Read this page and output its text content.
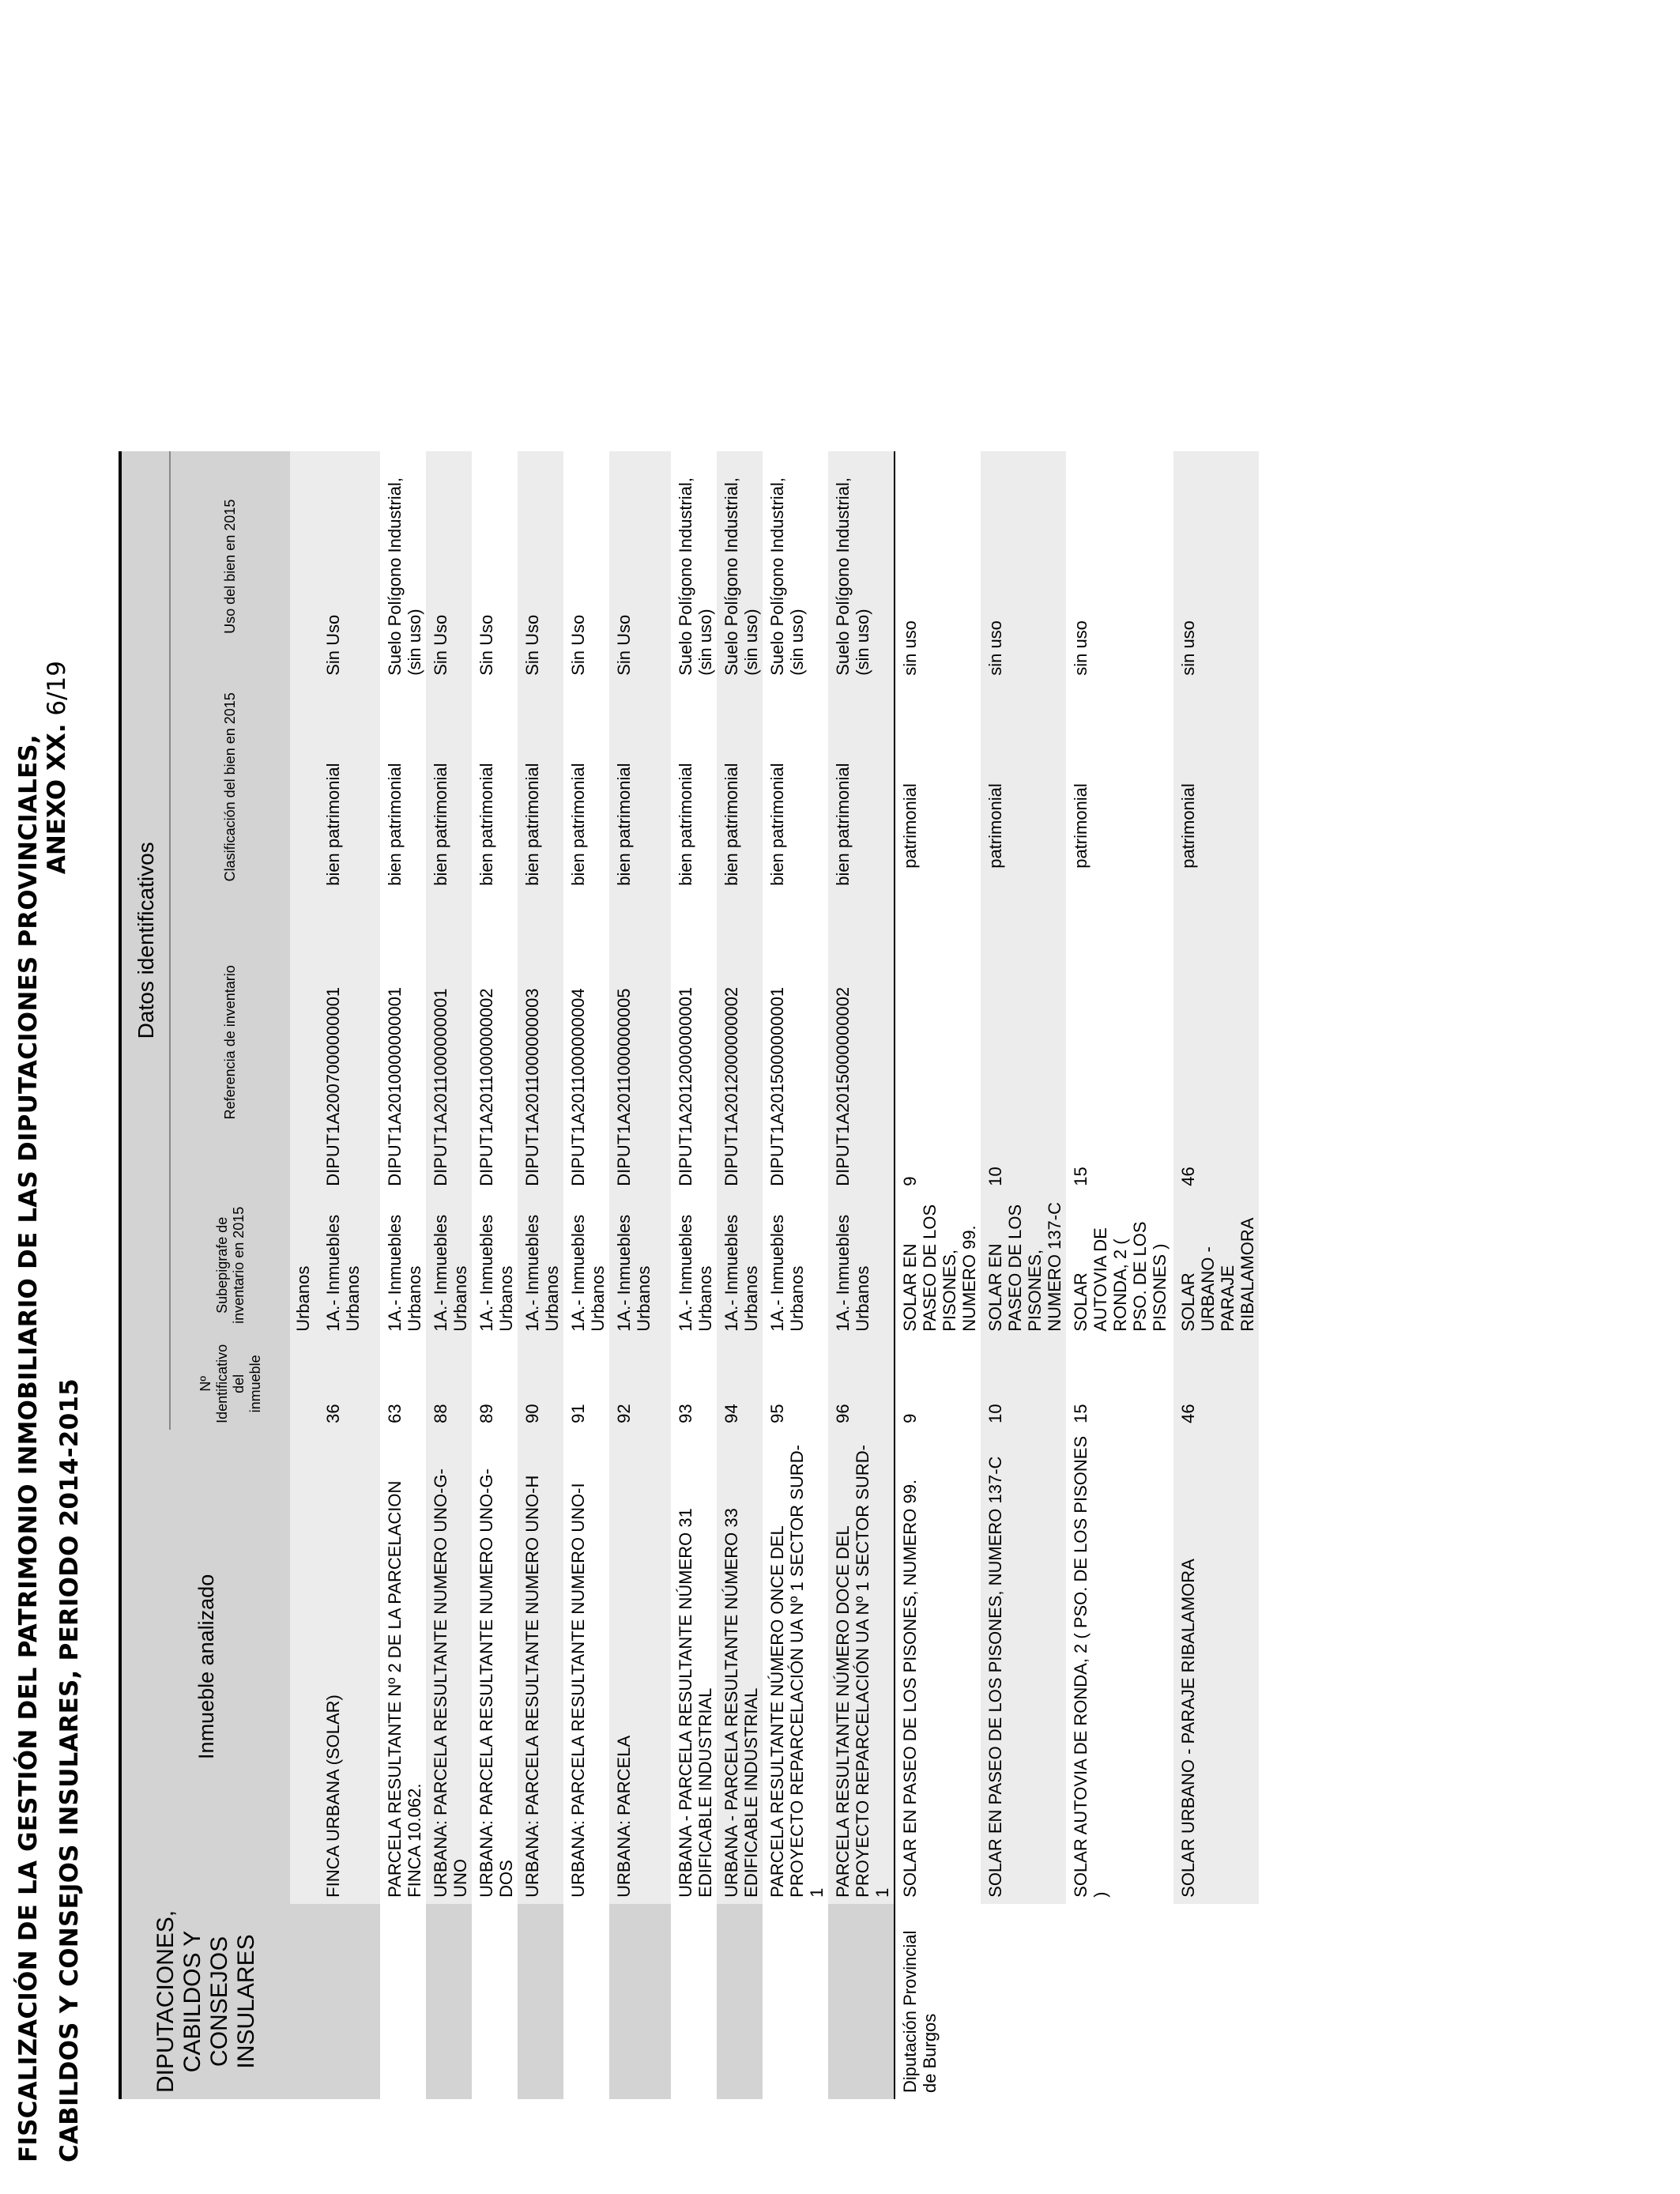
FISCALIZACIÓN DE LA GESTIÓN DEL PATRIMONIO INMOBILIARIO DE LAS DIPUTACIONES PROVINCIALES, CABILDOS Y CONSEJOS INSULARES, PERIODO 2014-2015
ANEXO XX. 6/19
DIPUTACIONES, CABILDOS Y CONSEJOS INSULARES	Inmueble analizado	Datos identificativos				
		Nº Identificativo del inmueble	Subepigrafe de inventario en 2015	Referencia de inventario	Clasificación del bien en 2015	Uso del bien en 2015
			Urbanos			
	FINCA URBANA (SOLAR)	36	1A.- Inmuebles Urbanos	DIPUT1A2007000000001	bien patrimonial	Sin Uso
	PARCELA RESULTANTE Nº 2 DE LA PARCELACION FINCA 10.062.	63	1A.- Inmuebles Urbanos	DIPUT1A2010000000001	bien patrimonial	Suelo Polígono Industrial, (sin uso)
	URBANA: PARCELA RESULTANTE NUMERO UNO-G-UNO	88	1A.- Inmuebles Urbanos	DIPUT1A2011000000001	bien patrimonial	Sin Uso
	URBANA: PARCELA RESULTANTE NUMERO UNO-G-DOS	89	1A.- Inmuebles Urbanos	DIPUT1A2011000000002	bien patrimonial	Sin Uso
	URBANA: PARCELA RESULTANTE NUMERO UNO-H	90	1A.- Inmuebles Urbanos	DIPUT1A2011000000003	bien patrimonial	Sin Uso
	URBANA: PARCELA RESULTANTE NUMERO UNO-I	91	1A.- Inmuebles Urbanos	DIPUT1A2011000000004	bien patrimonial	Sin Uso
	URBANA: PARCELA	92	1A.- Inmuebles Urbanos	DIPUT1A2011000000005	bien patrimonial	Sin Uso
	URBANA - PARCELA RESULTANTE NÚMERO 31 EDIFICABLE INDUSTRIAL	93	1A.- Inmuebles Urbanos	DIPUT1A2012000000001	bien patrimonial	Suelo Polígono Industrial, (sin uso)
	URBANA - PARCELA RESULTANTE NÚMERO 33 EDIFICABLE INDUSTRIAL	94	1A.- Inmuebles Urbanos	DIPUT1A2012000000002	bien patrimonial	Suelo Polígono Industrial, (sin uso)
	PARCELA RESULTANTE NÚMERO ONCE DEL PROYECTO REPARCELACIÓN UA Nº 1 SECTOR SURD-1	95	1A.- Inmuebles Urbanos	DIPUT1A2015000000001	bien patrimonial	Suelo Polígono Industrial, (sin uso)
	PARCELA RESULTANTE NÚMERO DOCE DEL PROYECTO REPARCELACIÓN UA Nº 1 SECTOR SURD-1	96	1A.- Inmuebles Urbanos	DIPUT1A2015000000002	bien patrimonial	Suelo Polígono Industrial, (sin uso)
Diputación Provincial de Burgos	SOLAR EN PASEO DE LOS PISONES, NUMERO 99.	9	SOLAR EN PASEO DE LOS PISONES, NUMERO 99.	9	patrimonial	sin uso
	SOLAR EN PASEO DE LOS PISONES, NUMERO 137-C	10	SOLAR EN PASEO DE LOS PISONES, NUMERO 137-C	10	patrimonial	sin uso
	SOLAR AUTOVIA DE RONDA, 2 ( PSO. DE LOS PISONES )	15	SOLAR AUTOVIA DE RONDA, 2 ( PSO. DE LOS PISONES )	15	patrimonial	sin uso
	SOLAR URBANO - PARAJE RIBALAMORA	46	SOLAR URBANO - PARAJE RIBALAMORA	46	patrimonial	sin uso
